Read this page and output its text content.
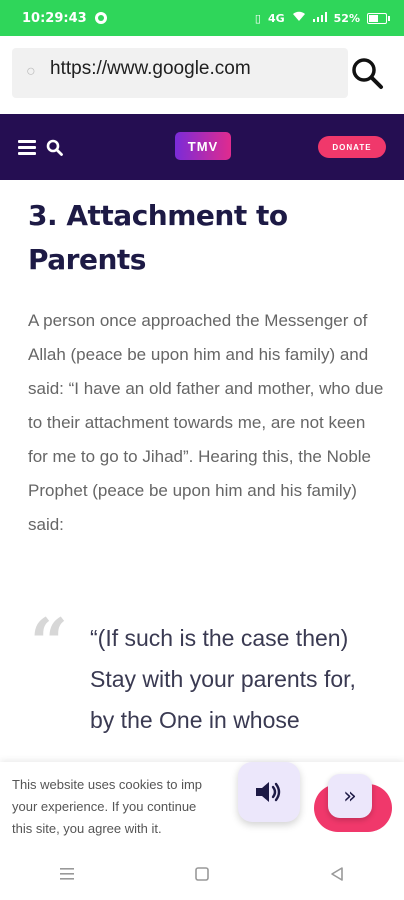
10:29:43	▯ 4G	52%
○ https://www.google.com
TMV	DONATE
3. Attachment to Parents

A person once approached the Messenger of Allah (peace be upon him and his family) and said: “I have an old father and mother, who due to their attachment towards me, are not keen for me to go to Jihad”. Hearing this, the Noble Prophet (peace be upon him and his family) said:

“ “(If such is the case then) Stay with your parents for, by the One in whose

This website uses cookies to imp
your experience. If you continue
this site, you agree with it.

»
